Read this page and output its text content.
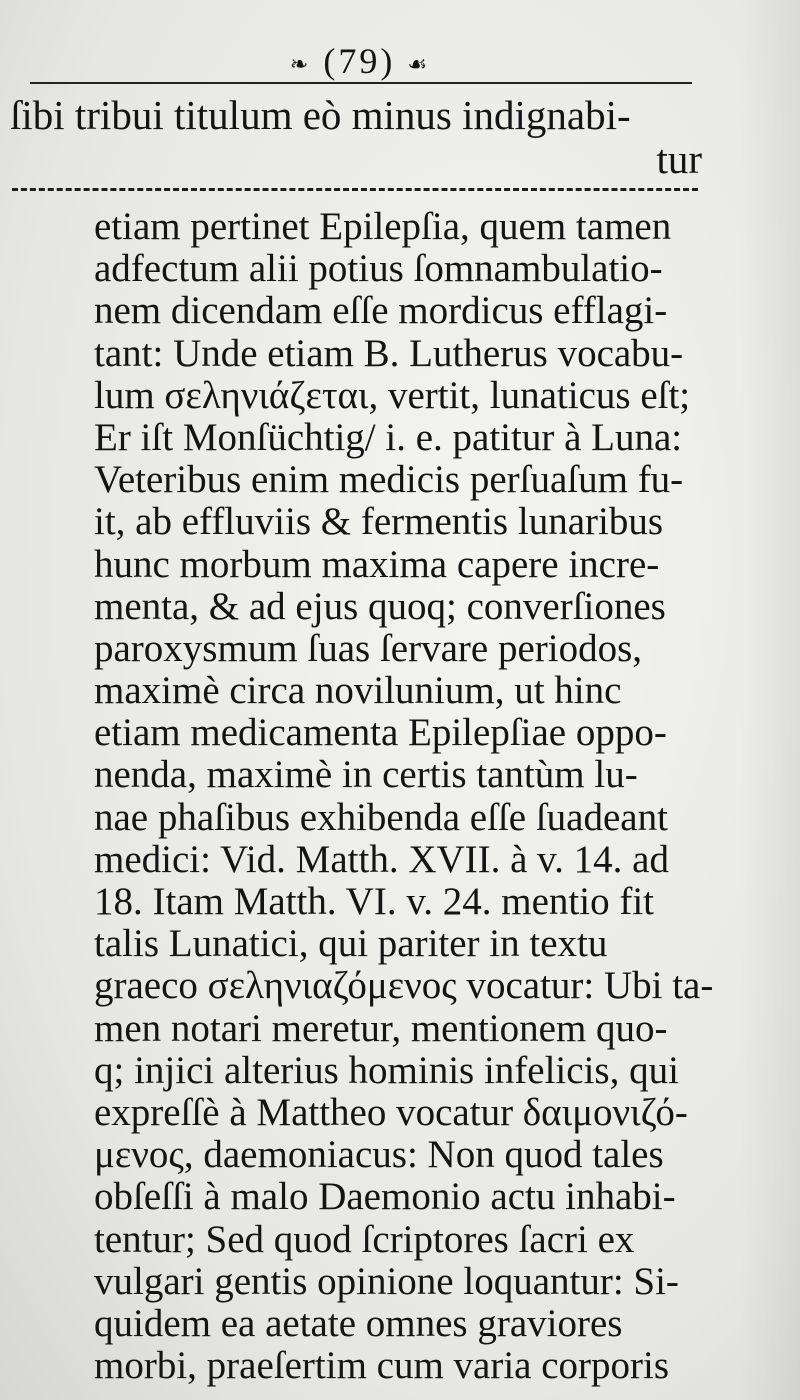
❧ (79) ☙
ſibi tribui titulum eò minus indignabi-
tur
etiam pertinet Epilepſia, quem tamen
adfectum alii potius ſomnambulatio-
nem dicendam eſſe mordicus efflagi-
tant: Unde etiam B. Lutherus vocabu-
lum σεληνιάζεται, vertit, lunaticus eſt;
Er iſt Monſüchtig/ i. e. patitur à Luna:
Veteribus enim medicis perſuaſum fu-
it, ab effluviis & fermentis lunaribus
hunc morbum maxima capere incre-
menta, & ad ejus quoq; converſiones
paroxysmum ſuas ſervare periodos,
maximè circa novilunium, ut hinc
etiam medicamenta Epilepſiae oppo-
nenda, maximè in certis tantùm lu-
nae phaſibus exhibenda eſſe ſuadeant
medici: Vid. Matth. XVII. à v. 14. ad
18. Itam Matth. VI. v. 24. mentio fit
talis Lunatici, qui pariter in textu
graeco σεληνιαζόμενος vocatur: Ubi ta-
men notari meretur, mentionem quo-
q; injici alterius hominis infelicis, qui
expreſſè à Mattheo vocatur δαιμονιζό-
μενος, daemoniacus: Non quod tales
obſeſſi à malo Daemonio actu inhabi-
tentur; Sed quod ſcriptores ſacri ex
vulgari gentis opinione loquantur: Si-
quidem ea aetate omnes graviores
morbi, praeſertim cum varia corporis
